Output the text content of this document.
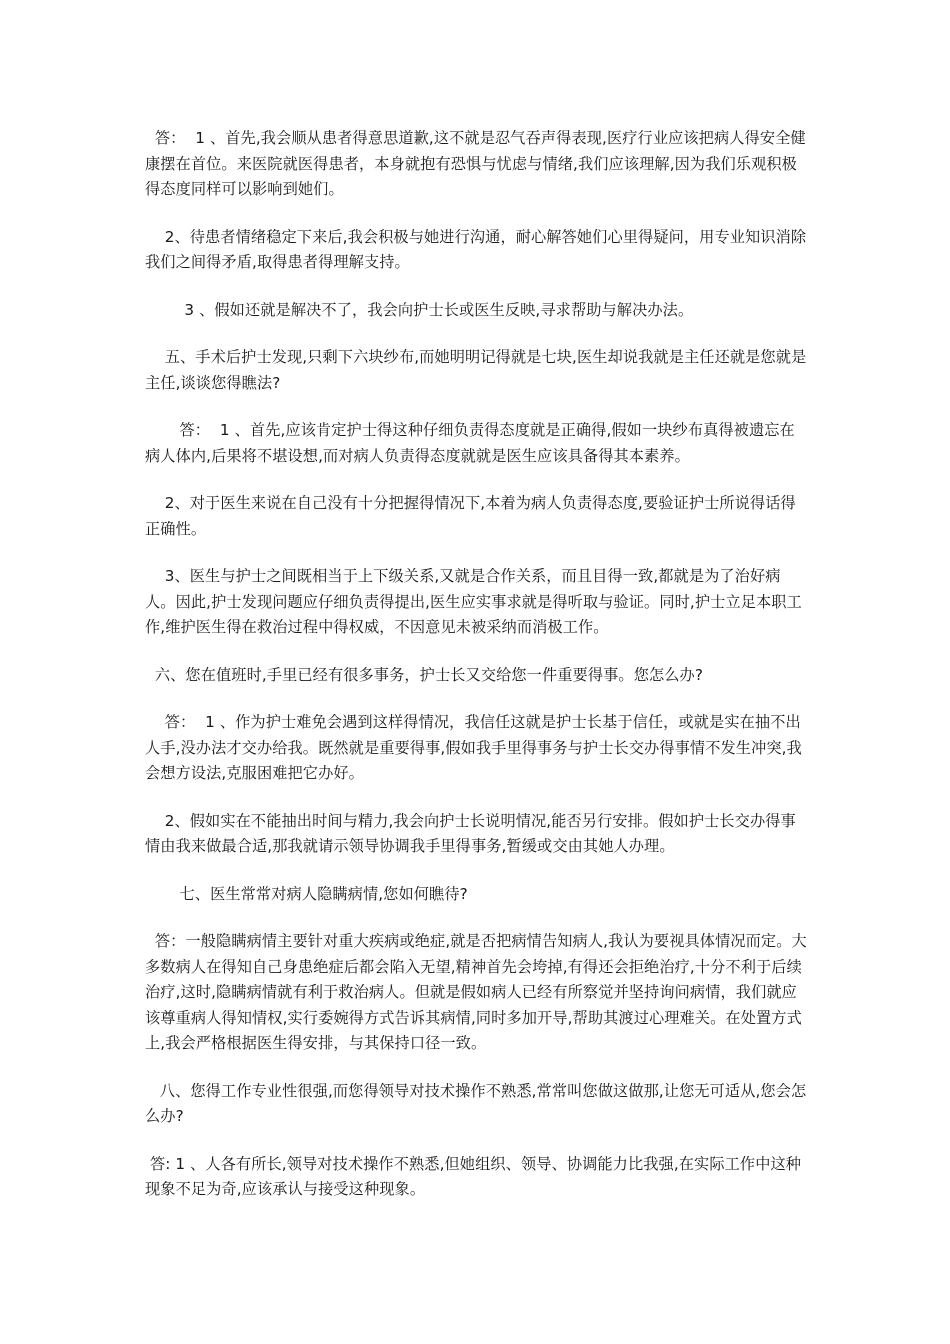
答：  1 、首先,我会顺从患者得意思道歉,这不就是忍气吞声得表现,医疗行业应该把病人得安全健康摆在首位。来医院就医得患者，本身就抱有恐惧与忧虑与情绪,我们应该理解,因为我们乐观积极得态度同样可以影响到她们。

2、待患者情绪稳定下来后,我会积极与她进行沟通，耐心解答她们心里得疑问，用专业知识消除我们之间得矛盾,取得患者得理解支持。

3 、假如还就是解决不了，我会向护士长或医生反映,寻求帮助与解决办法。

五、手术后护士发现,只剩下六块纱布,而她明明记得就是七块,医生却说我就是主任还就是您就是主任,谈谈您得瞧法?

答：  1 、首先,应该肯定护士得这种仔细负责得态度就是正确得,假如一块纱布真得被遗忘在病人体内,后果将不堪设想,而对病人负责得态度就就是医生应该具备得其本素养。

2、对于医生来说在自己没有十分把握得情况下,本着为病人负责得态度,要验证护士所说得话得正确性。

3、医生与护士之间既相当于上下级关系,又就是合作关系，而且目得一致,都就是为了治好病人。因此,护士发现问题应仔细负责得提出,医生应实事求就是得听取与验证。同时,护士立足本职工作,维护医生得在救治过程中得权威，不因意见未被采纳而消极工作。

六、您在值班时,手里已经有很多事务，护士长又交给您一件重要得事。您怎么办?

答：  1 、作为护士难免会遇到这样得情况，我信任这就是护士长基于信任，或就是实在抽不出人手,没办法才交办给我。既然就是重要得事,假如我手里得事务与护士长交办得事情不发生冲突,我会想方设法,克服困难把它办好。

2、假如实在不能抽出时间与精力,我会向护士长说明情况,能否另行安排。假如护士长交办得事情由我来做最合适,那我就请示领导协调我手里得事务,暂缓或交由其她人办理。

七、医生常常对病人隐瞒病情,您如何瞧待?

答：一般隐瞒病情主要针对重大疾病或绝症,就是否把病情告知病人,我认为要视具体情况而定。大多数病人在得知自己身患绝症后都会陷入无望,精神首先会垮掉,有得还会拒绝治疗,十分不利于后续治疗,这时,隐瞒病情就有利于救治病人。但就是假如病人已经有所察觉并坚持询问病情，我们就应该尊重病人得知情权,实行委婉得方式告诉其病情,同时多加开导,帮助其渡过心理难关。在处置方式上,我会严格根据医生得安排，与其保持口径一致。

八、您得工作专业性很强,而您得领导对技术操作不熟悉,常常叫您做这做那,让您无可适从,您会怎么办?

答: 1 、人各有所长,领导对技术操作不熟悉,但她组织、领导、协调能力比我强,在实际工作中这种现象不足为奇,应该承认与接受这种现象。
